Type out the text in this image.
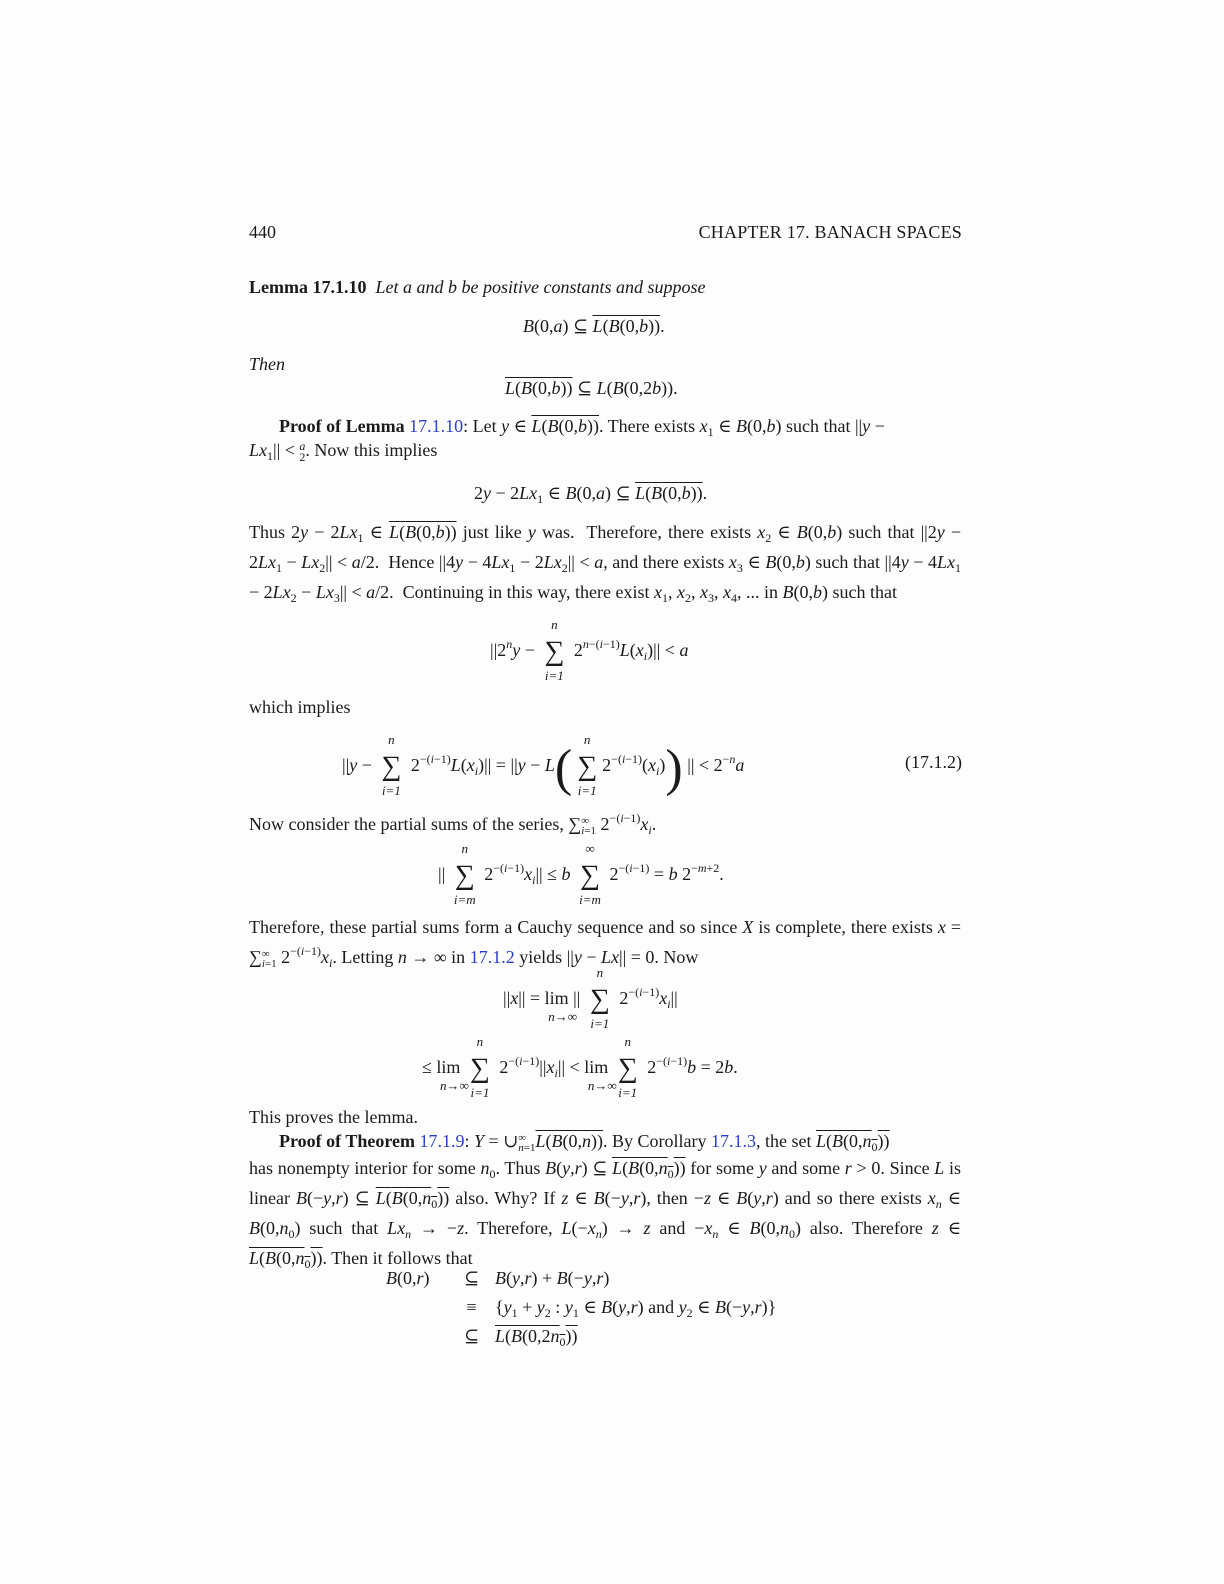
440	CHAPTER 17. BANACH SPACES
Lemma 17.1.10 Let a and b be positive constants and suppose
B(0,a) ⊆ L(B(0,b)).
Then
L(B(0,b)) ⊆ L(B(0,2b)).
Proof of Lemma 17.1.10: Let y ∈ L(B(0,b)). There exists $x_1$ ∈ B(0,b) such that ||y −
$Lx_1|| < a$
2. Now this implies
$2y - 2Lx_1$ ∈ B(0,a) ⊆ L(B(0,b)).
Thus $2y - 2Lx_1$ ∈ L(B(0,b)) just like y was.  Therefore, there exists $x_2$ ∈ B(0,b) such that $||2y - 2Lx_1 - Lx_2|| < a/2$.  Hence $||4y - 4Lx_1 - 2Lx_2|| < a$, and there exists $x_3$ ∈ B(0,b) such that $||4y - 4Lx_1 - 2Lx_2 - Lx_3|| < a/2$.  Continuing in this way, there exist $x_1$, $x_2$, $x_3$, $x_4$, ... in B(0,b) such that
$||2^ny$ −
n
∑
i=1
$2^{n-(i-1)}L(x_i)|| < a$
which implies
||y −
n
∑
i=1
$2^{-(i-1)}L(x_i)|| = ||y - L$(
n
∑
i=1
$2^{-(i-1)}(x_i)$) || < $2^{-n}a$	(17.1.2)
Now consider the partial sums of the series, ∑∞
i=1 $2^{-(i-1)}x_i$.
||
n
∑
i=m
$2^{-(i-1)}x_i|| \le b$
∞
∑
i=m
$2^{-(i-1)} = b$ $2^{-m+2}$.
Therefore, these partial sums form a Cauchy sequence and so since X is complete, there exists x = ∑∞
i=1 $2^{-(i-1)}x_i$. Letting n → ∞ in 17.1.2 yields ||y − Lx|| = 0. Now
||x|| = lim
n→∞
||
n
∑
i=1
$2^{-(i-1)}x_i||$
≤ lim
n→∞

n
∑
i=1
$2^{-(i-1)}||x_i|| < \lim$
n→∞

n
∑
i=1
$2^{-(i-1)}b = 2b$.
This proves the lemma.
Proof of Theorem 17.1.9: Y = ∪∞
n=1L(B(0,n)). By Corollary 17.1.3, the set $L(B(0,n_0))$
has nonempty interior for some $n_0$. Thus B(y,r) ⊆ $L(B(0,n_0))$ for some y and some r > 0. Since L is linear B(−y,r) ⊆ $L(B(0,n_0))$ also. Why? If z ∈ B(−y,r), then −z ∈ B(y,r) and so there exists $x_n$ ∈ $B(0,n_0)$ such that $Lx_n \to -z$. Therefore, $L(-x_n) \to z$ and $-x_n$ ∈ $B(0,n_0)$ also. Therefore z ∈ $L(B(0,n_0))$. Then it follows that
B(0,r) ⊆ B(y,r) + B(−y,r)
≡ {$y_1 + y_2$ : $y_1$ ∈ B(y,r) and $y_2$ ∈ B(−y,r)}
⊆ $L(B(0,2n_0))$
